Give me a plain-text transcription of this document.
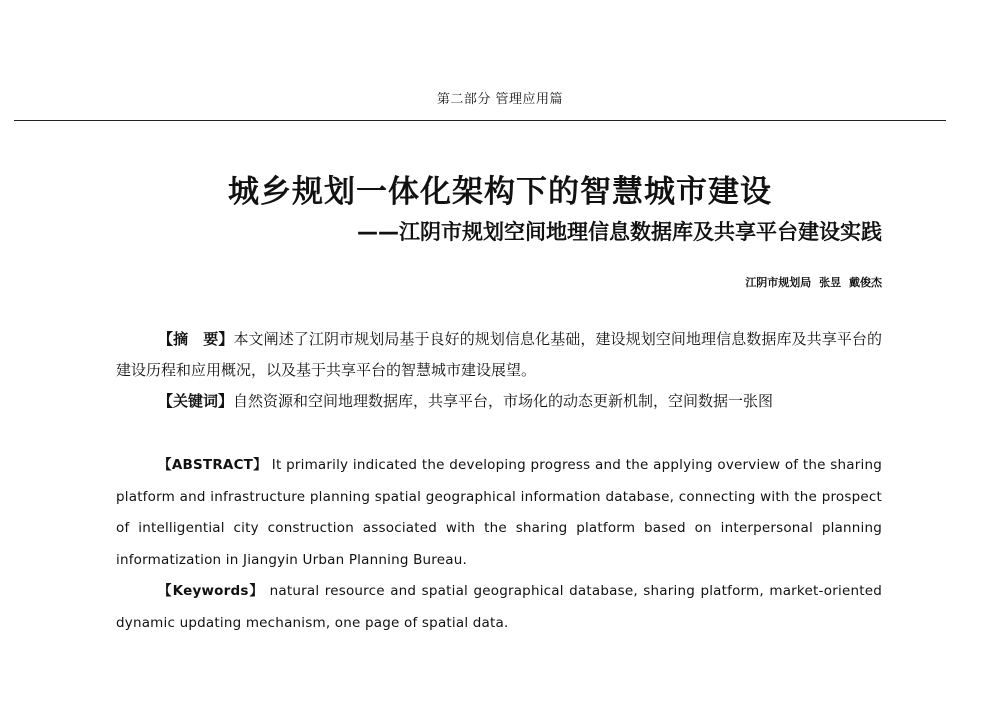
第二部分 管理应用篇
城乡规划一体化架构下的智慧城市建设
——江阴市规划空间地理信息数据库及共享平台建设实践
江阴市规划局 张昱 戴俊杰

【摘　要】本文阐述了江阴市规划局基于良好的规划信息化基础，建设规划空间地理信息数据库及共享平台的建设历程和应用概况，以及基于共享平台的智慧城市建设展望。

【关键词】自然资源和空间地理数据库，共享平台，市场化的动态更新机制，空间数据一张图

【ABSTRACT】 It primarily indicated the developing progress and the applying overview of the sharing platform and infrastructure planning spatial geographical information database, connecting with the prospect of intelligential city construction associated with the sharing platform based on interpersonal planning informatization in Jiangyin Urban Planning Bureau.

【Keywords】 natural resource and spatial geographical database, sharing platform, market-oriented dynamic updating mechanism, one page of spatial data.
